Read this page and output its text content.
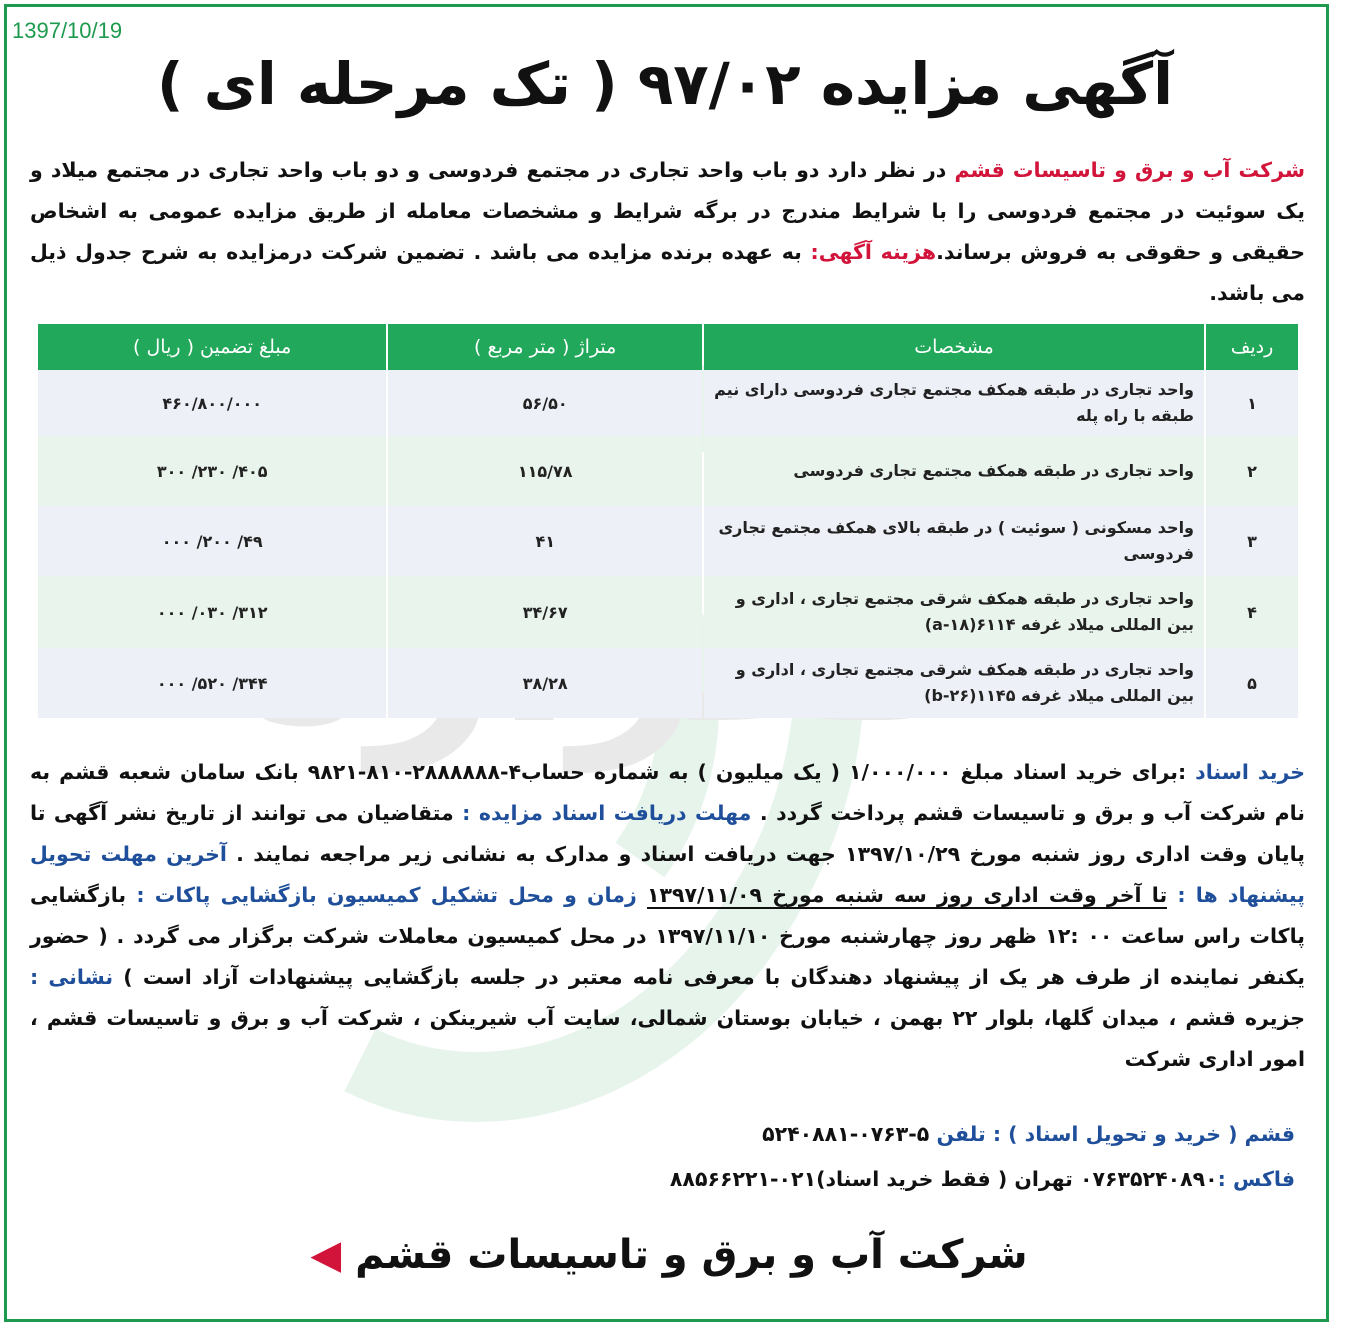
1397/10/19
آگهی مزایده ۹۷/۰۲ ( تک مرحله ای )
شرکت آب و برق و تاسیسات قشم در نظر دارد دو باب واحد تجاری در مجتمع فردوسی و دو باب واحد تجاری در مجتمع میلاد و یک سوئیت در مجتمع فردوسی را با شرایط مندرج در برگه شرایط و مشخصات معامله از طریق مزایده عمومی به اشخاص حقیقی و حقوقی به فروش برساند.هزینه آگهی: به عهده برنده مزایده می باشد . تضمین شرکت درمزایده به شرح جدول ذیل می باشد.
ردیف	مشخصات	متراژ ( متر مربع )	مبلغ تضمین ( ریال )
۱	واحد تجاری در طبقه همکف مجتمع تجاری فردوسی دارای نیم طبقه با راه پله	۵۶/۵۰	۴۶۰/۸۰۰/۰۰۰
۲	واحد تجاری در طبقه همکف مجتمع تجاری فردوسی	۱۱۵/۷۸	۴۰۵/ ۲۳۰/ ۳۰۰
۳	واحد مسکونی ( سوئیت ) در طبقه بالای همکف مجتمع تجاری فردوسی	۴۱	۴۹/ ۲۰۰/ ۰۰۰
۴	واحد تجاری در طبقه همکف شرقی مجتمع تجاری ، اداری و بین المللی میلاد غرفه ۶۱۱۴(۱۸-a)	۳۴/۶۷	۳۱۲/ ۰۳۰/ ۰۰۰
۵	واحد تجاری در طبقه همکف شرقی مجتمع تجاری ، اداری و بین المللی میلاد غرفه ۱۱۴۵(۲۶-b)	۳۸/۲۸	۳۴۴/ ۵۲۰/ ۰۰۰
خرید اسناد :برای خرید اسناد مبلغ ۱/۰۰۰/۰۰۰ ( یک میلیون ) به شماره حساب۴-۲۸۸۸۸۸۸-۸۱۰-۹۸۲۱ بانک سامان شعبه قشم به نام شرکت آب و برق و تاسیسات قشم پرداخت گردد . مهلت دریافت اسناد مزایده : متقاضیان می توانند از تاریخ نشر آگهی تا پایان وقت اداری روز شنبه مورخ ۱۳۹۷/۱۰/۲۹ جهت دریافت اسناد و مدارک به نشانی زیر مراجعه نمایند . آخرین مهلت تحویل پیشنهاد ها : تا آخر وقت اداری روز سه شنبه مورخ ۱۳۹۷/۱۱/۰۹ زمان و محل تشکیل کمیسیون بازگشایی پاکات : بازگشایی پاکات راس ساعت ۰۰ :۱۲ ظهر روز چهارشنبه مورخ ۱۳۹۷/۱۱/۱۰ در محل کمیسیون معاملات شرکت برگزار می گردد . ( حضور یکنفر نماینده از طرف هر یک از پیشنهاد دهندگان با معرفی نامه معتبر در جلسه بازگشایی پیشنهادات آزاد است ) نشانی : جزیره قشم ، میدان گلها، بلوار ۲۲ بهمن ، خیابان بوستان شمالی، سایت آب شیرینکن ، شرکت آب و برق و تاسیسات قشم ، امور اداری شرکت
قشم ( خرید و تحویل اسناد ) : تلفن ۵-۰۷۶۳-۵۲۴۰۸۸۱
فاکس :۰۷۶۳۵۲۴۰۸۹۰ تهران ( فقط خرید اسناد)۰۲۱-۸۸۵۶۶۲۲۱
شرکت آب و برق و تاسیسات قشم ◀
